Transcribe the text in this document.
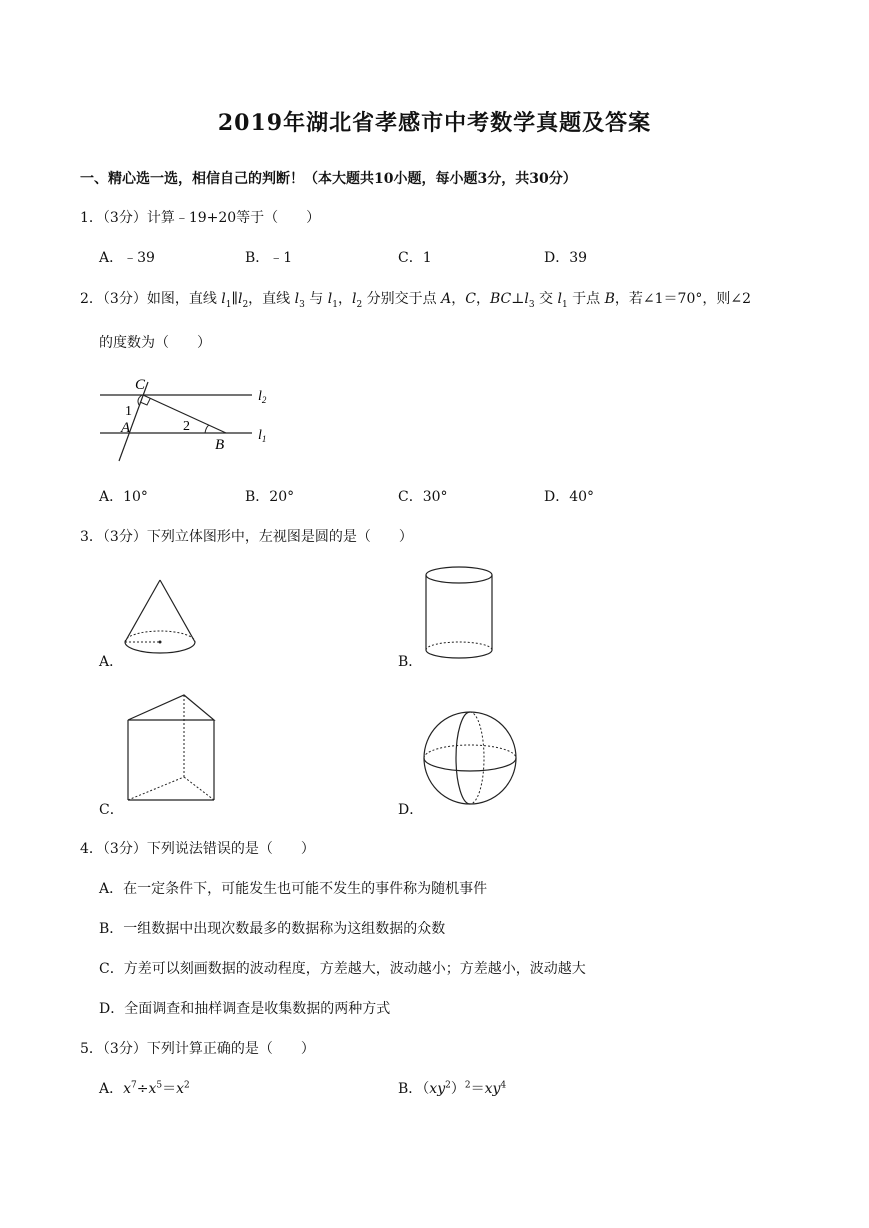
2019年湖北省孝感市中考数学真题及答案
一、精心选一选，相信自己的判断！（本大题共10小题，每小题3分，共30分）
1．（3分）计算﹣19+20等于（　　）
A．﹣39	B．﹣1	C．1	D．39
2．（3分）如图，直线 $l_1\parallel l_2$，直线 $l_3$ 与 $l_1$，$l_2$ 分别交于点 A，C，$BC\perp l_3$ 交 $l_1$ 于点 B，若∠1＝70°，则∠2
的度数为（　　）
C
1
A	2
B
$l_2$
$l_1$
A．10°	B．20°	C．30°	D．40°
3．（3分）下列立体图形中，左视图是圆的是（　　）
A．	B．
C．	D．
4．（3分）下列说法错误的是（　　）
A．在一定条件下，可能发生也可能不发生的事件称为随机事件
B．一组数据中出现次数最多的数据称为这组数据的众数
C．方差可以刻画数据的波动程度，方差越大，波动越小；方差越小，波动越大
D．全面调查和抽样调查是收集数据的两种方式
5．（3分）下列计算正确的是（　　）
A．$x^7\div x^5=x^2$	B．$(xy^2)^2=xy^4$
